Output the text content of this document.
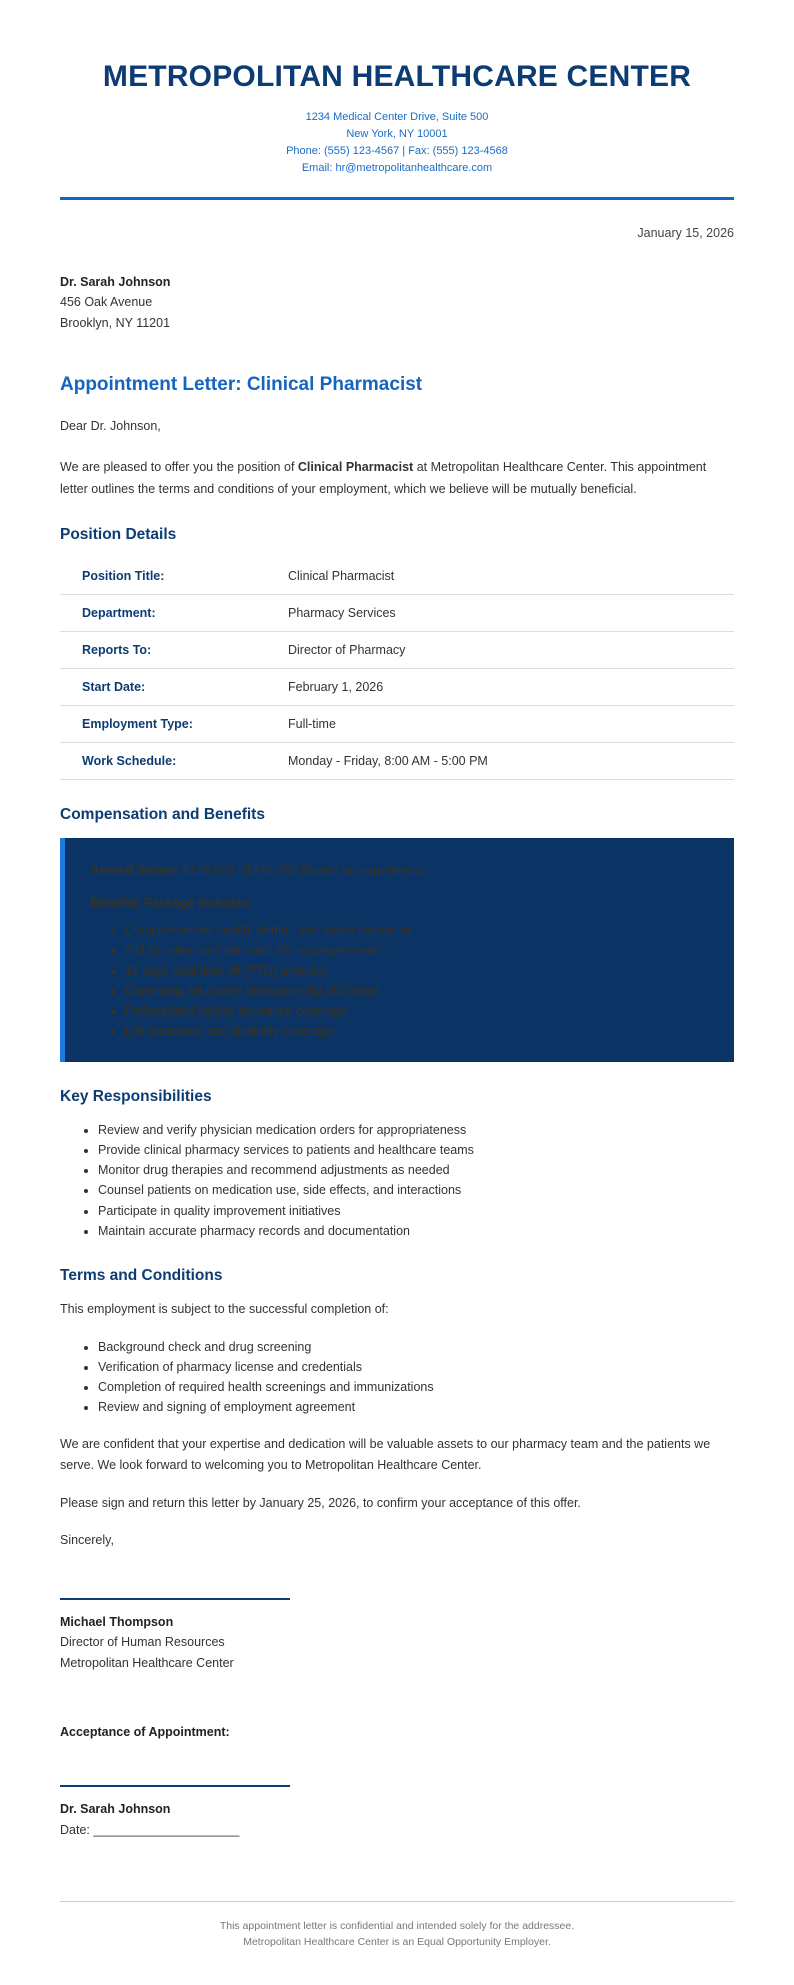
METROPOLITAN HEALTHCARE CENTER
1234 Medical Center Drive, Suite 500
New York, NY 10001
Phone: (555) 123-4567 | Fax: (555) 123-4568
Email: hr@metropolitanhealthcare.com
January 15, 2026
Dr. Sarah Johnson
456 Oak Avenue
Brooklyn, NY 11201
Appointment Letter: Clinical Pharmacist

Dear Dr. Johnson,

We are pleased to offer you the position of Clinical Pharmacist at Metropolitan Healthcare Center. This appointment letter outlines the terms and conditions of your employment, which we believe will be mutually beneficial.

Position Details
Position Title:	Clinical Pharmacist
Department:	Pharmacy Services
Reports To:	Director of Pharmacy
Start Date:	February 1, 2026
Employment Type:	Full-time
Work Schedule:	Monday - Friday, 8:00 AM - 5:00 PM
Compensation and Benefits

Annual Salary: $125,000 - $145,000 (based on experience)

Benefits Package Includes:
• Comprehensive health, dental, and vision insurance
• 401(k) retirement plan with 5% employer match
• 15 days paid time off (PTO) annually
• Continuing education allowance ($2,000/year)
• Professional liability insurance coverage
• Life insurance and disability coverage
Key Responsibilities
• Review and verify physician medication orders for appropriateness
• Provide clinical pharmacy services to patients and healthcare teams
• Monitor drug therapies and recommend adjustments as needed
• Counsel patients on medication use, side effects, and interactions
• Participate in quality improvement initiatives
• Maintain accurate pharmacy records and documentation
Terms and Conditions

This employment is subject to the successful completion of:

• Background check and drug screening
• Verification of pharmacy license and credentials
• Completion of required health screenings and immunizations
• Review and signing of employment agreement

We are confident that your expertise and dedication will be valuable assets to our pharmacy team and the patients we serve. We look forward to welcoming you to Metropolitan Healthcare Center.

Please sign and return this letter by January 25, 2026, to confirm your acceptance of this offer.

Sincerely,

Michael Thompson
Director of Human Resources
Metropolitan Healthcare Center
Acceptance of Appointment:
Dr. Sarah Johnson
Date: _____________________
This appointment letter is confidential and intended solely for the addressee.
Metropolitan Healthcare Center is an Equal Opportunity Employer.
